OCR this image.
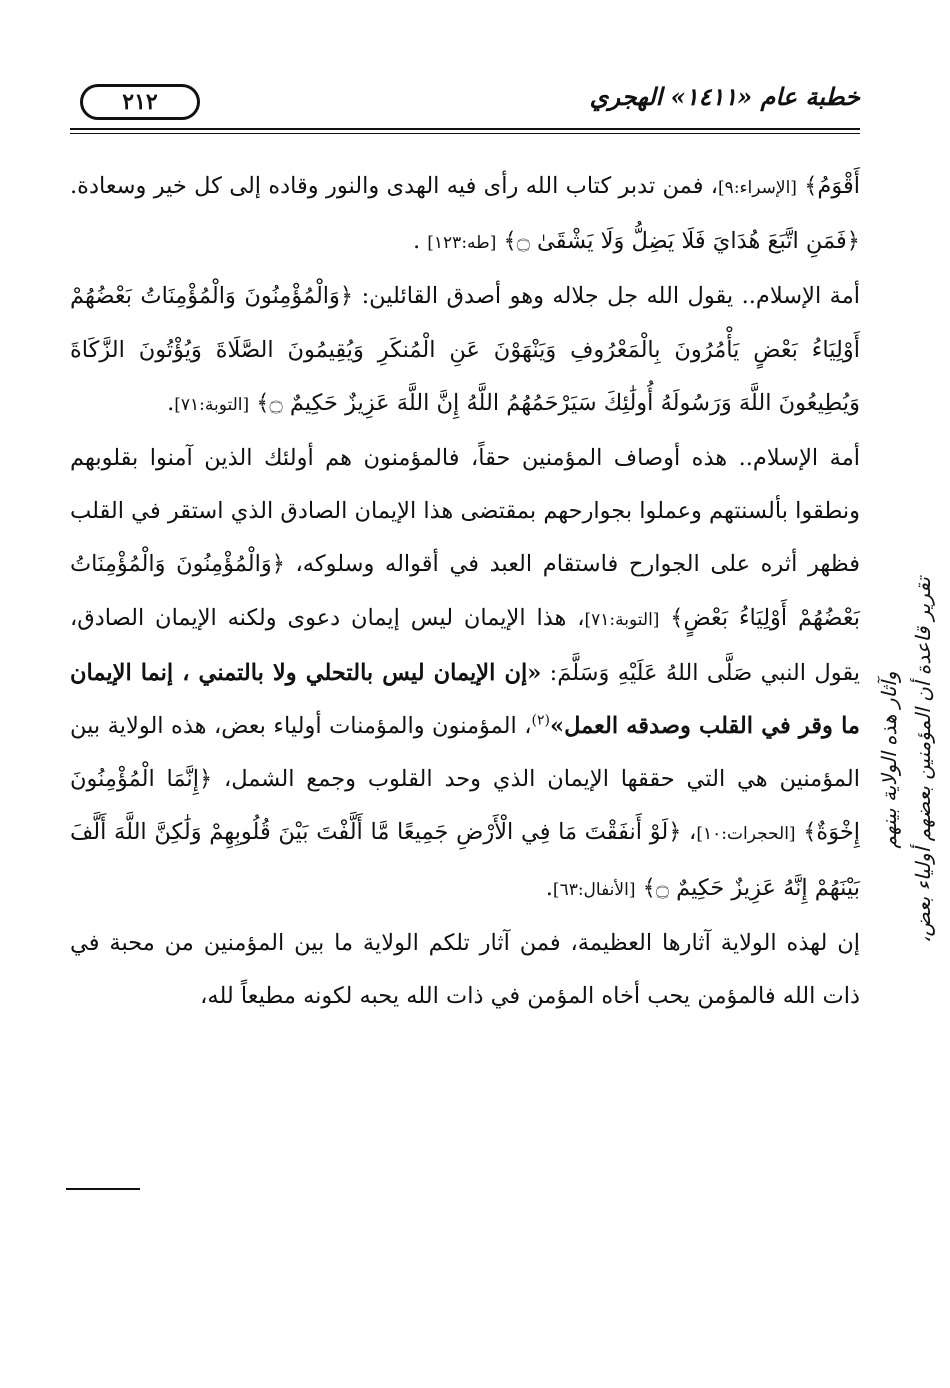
٢١٢	خطبة عام «١٤١١» الهجري

أَقْوَمُ﴾ [الإسراء:٩]، فمن تدبر كتاب الله رأى فيه الهدى والنور وقاده إلى كل خير وسعادة. ﴿فَمَنِ اتَّبَعَ هُدَايَ فَلَا يَضِلُّ وَلَا يَشْقَىٰ ۝﴾ [طه:١٢٣] .

أمة الإسلام.. يقول الله جل جلاله وهو أصدق القائلين: ﴿وَالْمُؤْمِنُونَ وَالْمُؤْمِنَاتُ بَعْضُهُمْ أَوْلِيَاءُ بَعْضٍ يَأْمُرُونَ بِالْمَعْرُوفِ وَيَنْهَوْنَ عَنِ الْمُنكَرِ وَيُقِيمُونَ الصَّلَاةَ وَيُؤْتُونَ الزَّكَاةَ وَيُطِيعُونَ اللَّهَ وَرَسُولَهُ أُولَٰئِكَ سَيَرْحَمُهُمُ اللَّهُ إِنَّ اللَّهَ عَزِيزٌ حَكِيمٌ ۝﴾ [التوبة:٧١].

أمة الإسلام.. هذه أوصاف المؤمنين حقاً، فالمؤمنون هم أولئك الذين آمنوا بقلوبهم ونطقوا بألسنتهم وعملوا بجوارحهم بمقتضى هذا الإيمان الصادق الذي استقر في القلب فظهر أثره على الجوارح فاستقام العبد في أقواله وسلوكه، ﴿وَالْمُؤْمِنُونَ وَالْمُؤْمِنَاتُ بَعْضُهُمْ أَوْلِيَاءُ بَعْضٍ﴾ [التوبة:٧١]، هذا الإيمان ليس إيمان دعوى ولكنه الإيمان الصادق، يقول النبي صَلَّى اللهُ عَلَيْهِ وَسَلَّمَ: «إن الإيمان ليس بالتحلي ولا بالتمني ، إنما الإيمان ما وقر في القلب وصدقه العمل»$^{(٢)}$، المؤمنون والمؤمنات أولياء بعض، هذه الولاية بين المؤمنين هي التي حققها الإيمان الذي وحد القلوب وجمع الشمل، ﴿إِنَّمَا الْمُؤْمِنُونَ إِخْوَةٌ﴾ [الحجرات:١٠]، ﴿لَوْ أَنفَقْتَ مَا فِي الْأَرْضِ جَمِيعًا مَّا أَلَّفْتَ بَيْنَ قُلُوبِهِمْ وَلَٰكِنَّ اللَّهَ أَلَّفَ بَيْنَهُمْ إِنَّهُ عَزِيزٌ حَكِيمٌ ۝﴾ [الأنفال:٦٣].

إن لهذه الولاية آثارها العظيمة، فمن آثار تلكم الولاية ما بين المؤمنين من محبة في ذات الله فالمؤمن يحب أخاه المؤمن في ذات الله يحبه لكونه مطيعاً لله،

وآثار هذه الولاية بينهم تقرير قاعدة أن المؤمنين بعضهم أولياء بعض،
